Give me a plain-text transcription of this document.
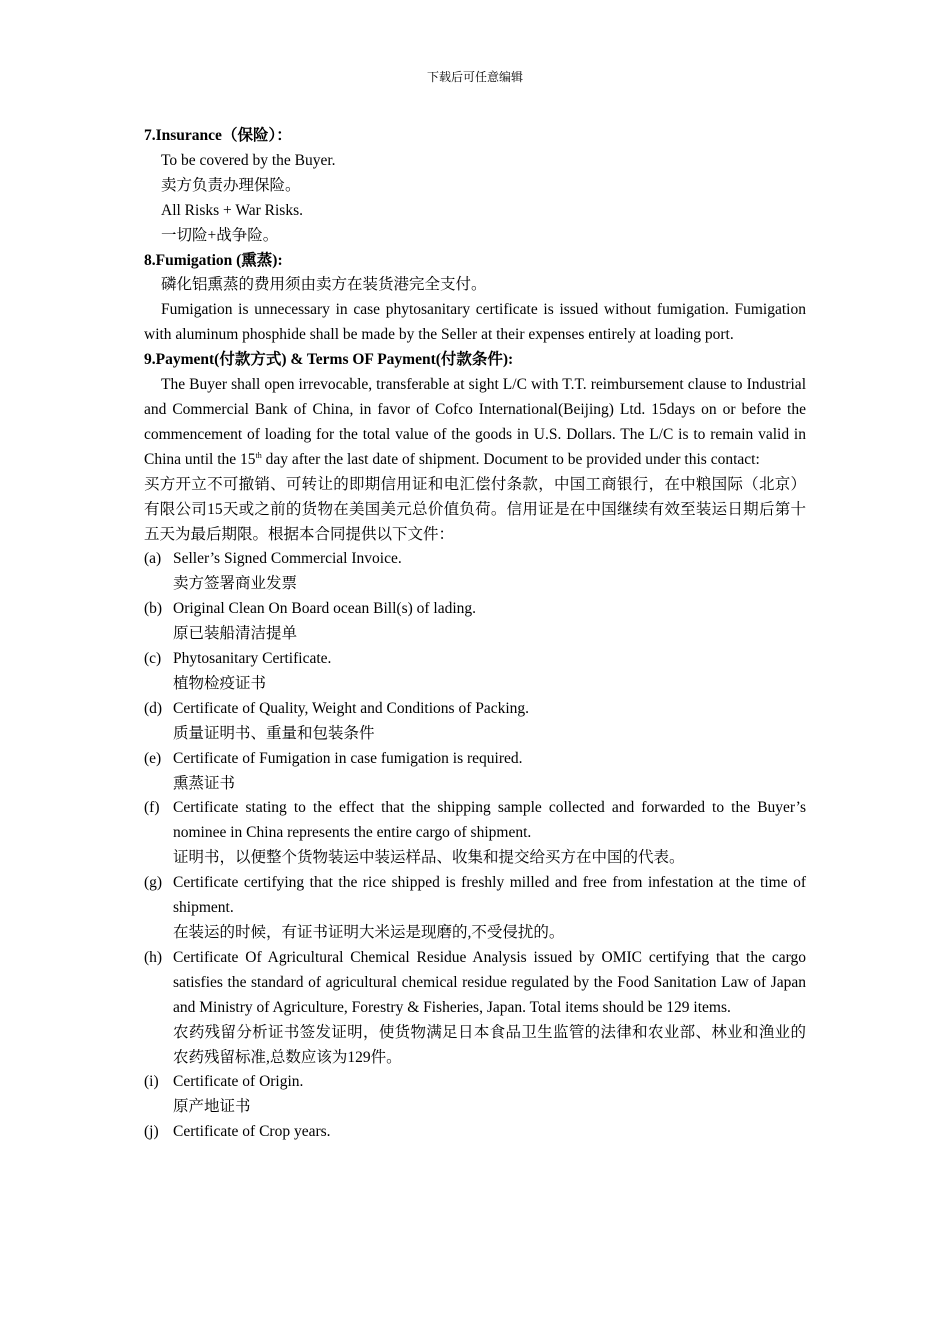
下载后可任意编辑
7.Insurance（保险）：
To be covered by the Buyer.
卖方负责办理保险。
All Risks + War Risks.
一切险+战争险。
8.Fumigation (熏蒸):
磷化铝熏蒸的费用须由卖方在装货港完全支付。
Fumigation is unnecessary in case phytosanitary certificate is issued without fumigation. Fumigation with aluminum phosphide shall be made by the Seller at their expenses entirely at loading port.
9.Payment(付款方式) & Terms OF Payment(付款条件):
The Buyer shall open irrevocable, transferable at sight L/C with T.T. reimbursement clause to Industrial and Commercial Bank of China, in favor of Cofco International(Beijing) Ltd. 15days on or before the commencement of loading for the total value of the goods in U.S. Dollars. The L/C is to remain valid in China until the 15th day after the last date of shipment. Document to be provided under this contact:
买方开立不可撤销、可转让的即期信用证和电汇偿付条款，中国工商银行，在中粮国际（北京）有限公司15天或之前的货物在美国美元总价值负荷。信用证是在中国继续有效至装运日期后第十五天为最后期限。根据本合同提供以下文件：
(a) Seller’s Signed Commercial Invoice.
卖方签署商业发票
(b) Original Clean On Board ocean Bill(s) of lading.
原已装船清洁提单
(c) Phytosanitary Certificate.
植物检疫证书
(d) Certificate of Quality, Weight and Conditions of Packing.
质量证明书、重量和包装条件
(e) Certificate of Fumigation in case fumigation is required.
熏蒸证书
(f) Certificate stating to the effect that the shipping sample collected and forwarded to the Buyer’s nominee in China represents the entire cargo of shipment.
证明书，以便整个货物装运中装运样品、收集和提交给买方在中国的代表。
(g) Certificate certifying that the rice shipped is freshly milled and free from infestation at the time of shipment.
在装运的时候，有证书证明大米运是现磨的,不受侵扰的。
(h) Certificate Of Agricultural Chemical Residue Analysis issued by OMIC certifying that the cargo satisfies the standard of agricultural chemical residue regulated by the Food Sanitation Law of Japan and Ministry of Agriculture, Forestry & Fisheries, Japan. Total items should be 129 items.
农药残留分析证书签发证明，使货物满足日本食品卫生监管的法律和农业部、林业和渔业的农药残留标准,总数应该为129件。
(i) Certificate of Origin.
原产地证书
(j) Certificate of Crop years.
